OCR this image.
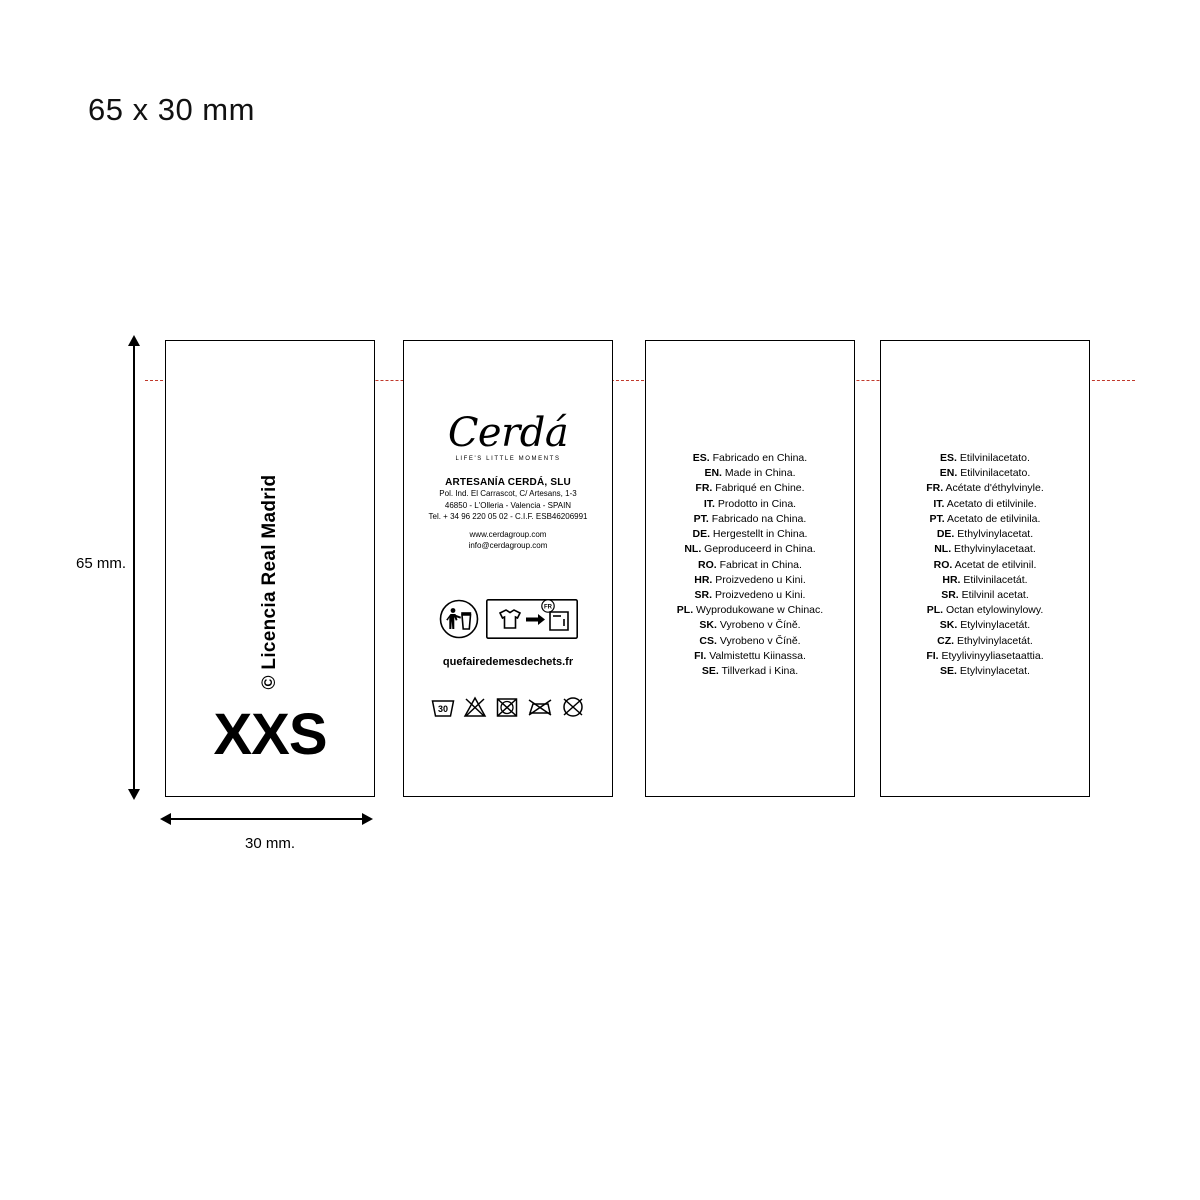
65 x 30 mm
65 mm.
30 mm.
© Licencia Real Madrid
XXS
Cerdá
LIFE'S LITTLE MOMENTS
ARTESANÍA CERDÁ, SLU
Pol. Ind. El Carrascot, C/ Artesans, 1-3
46850 - L'Olleria - Valencia - SPAIN
Tel. + 34 96 220 05 02 - C.I.F. ESB46206991
www.cerdagroup.com
info@cerdagroup.com
FR
quefairedemesdechets.fr
30
ES. Fabricado en China.
EN. Made in China.
FR. Fabriqué en Chine.
IT. Prodotto in Cina.
PT. Fabricado na China.
DE. Hergestellt in China.
NL. Geproduceerd in China.
RO. Fabricat in China.
HR. Proizvedeno u Kini.
SR. Proizvedeno u Kini.
PL. Wyprodukowane w Chinac.
SK. Vyrobeno v Číně.
CS. Vyrobeno v Číně.
FI. Valmistettu Kiinassa.
SE. Tillverkad i Kina.
ES. Etilvinilacetato.
EN. Etilvinilacetato.
FR. Acétate d'éthylvinyle.
IT. Acetato di etilvinile.
PT. Acetato de etilvinila.
DE. Ethylvinylacetat.
NL. Ethylvinylacetaat.
RO. Acetat de etilvinil.
HR. Etilvinilacetát.
SR. Etilvinil acetat.
PL. Octan etylowinylowy.
SK. Etylvinylacetát.
CZ. Ethylvinylacetát.
FI. Etyylivinyyliasetaattia.
SE. Etylvinylacetat.
